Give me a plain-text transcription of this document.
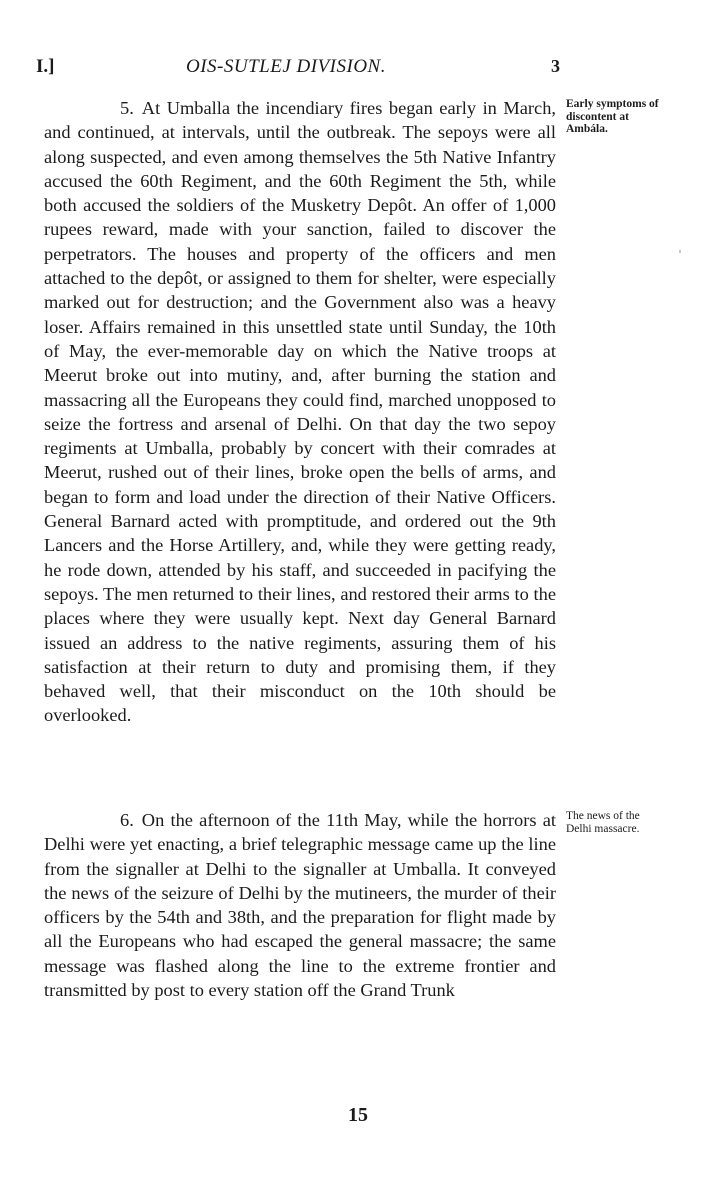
I.]	OIS-SUTLEJ DIVISION.	3

5. At Umballa the incendiary fires began early in March, and continued, at intervals, until the outbreak. The sepoys were all along suspected, and even among themselves the 5th Native Infantry accused the 60th Regiment, and the 60th Regiment the 5th, while both accused the soldiers of the Musketry Depôt. An offer of 1,000 rupees reward, made with your sanction, failed to discover the perpetrators. The houses and property of the officers and men attached to the depôt, or assigned to them for shelter, were especially marked out for destruction; and the Government also was a heavy loser. Affairs remained in this unsettled state until Sunday, the 10th of May, the ever-memorable day on which the Native troops at Meerut broke out into mutiny, and, after burning the station and massacring all the Europeans they could find, marched unopposed to seize the fortress and arsenal of Delhi. On that day the two sepoy regiments at Umballa, probably by concert with their comrades at Meerut, rushed out of their lines, broke open the bells of arms, and began to form and load under the direction of their Native Officers. General Barnard acted with promptitude, and ordered out the 9th Lancers and the Horse Artillery, and, while they were getting ready, he rode down, attended by his staff, and succeeded in pacifying the sepoys. The men returned to their lines, and restored their arms to the places where they were usually kept. Next day General Barnard issued an address to the native regiments, assuring them of his satisfaction at their return to duty and promising them, if they behaved well, that their misconduct on the 10th should be overlooked.

Early symptoms of discontent at Ambála.

6. On the afternoon of the 11th May, while the horrors at Delhi were yet enacting, a brief telegraphic message came up the line from the signaller at Delhi to the signaller at Umballa. It conveyed the news of the seizure of Delhi by the mutineers, the murder of their officers by the 54th and 38th, and the preparation for flight made by all the Europeans who had escaped the general massacre; the same message was flashed along the line to the extreme frontier and transmitted by post to every station off the Grand Trunk

The news of the Delhi massacre.

15
